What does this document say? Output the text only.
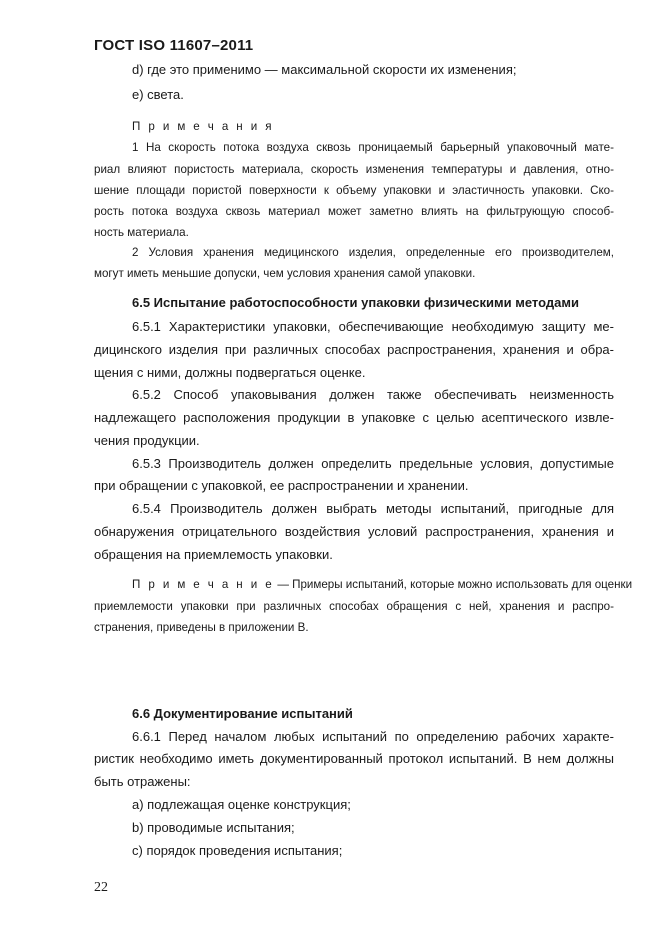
ГОСТ ISO 11607–2011
d) где это применимо — максимальной скорости их изменения;
e) света.
П р и м е ч а н и я
1 На скорость потока воздуха сквозь проницаемый барьерный упаковочный мате-
риал влияют пористость материала, скорость изменения температуры и давления, отно-
шение площади пористой поверхности к объему упаковки и эластичность упаковки. Ско-
рость потока воздуха сквозь материал может заметно влиять на фильтрующую способ-
ность материала.
2 Условия хранения медицинского изделия, определенные его производителем,
могут иметь меньшие допуски, чем условия хранения самой упаковки.
6.5 Испытание работоспособности упаковки физическими методами
6.5.1 Характеристики упаковки, обеспечивающие необходимую защиту ме-
дицинского изделия при различных способах распространения, хранения и обра-
щения с ними, должны подвергаться оценке.
6.5.2 Способ упаковывания должен также обеспечивать неизменность
надлежащего расположения продукции в упаковке с целью асептического извле-
чения продукции.
6.5.3 Производитель должен определить предельные условия, допустимые
при обращении с упаковкой, ее распространении и хранении.
6.5.4 Производитель должен выбрать методы испытаний, пригодные для
обнаружения отрицательного воздействия условий распространения, хранения и
обращения на приемлемость упаковки.
П р и м е ч а н и е — Примеры испытаний, которые можно использовать для оценки
приемлемости упаковки при различных способах обращения с ней, хранения и распро-
странения, приведены в приложении В.
6.6 Документирование испытаний
6.6.1 Перед началом любых испытаний по определению рабочих характе-
ристик необходимо иметь документированный протокол испытаний. В нем должны
быть отражены:
a) подлежащая оценке конструкция;
b) проводимые испытания;
c) порядок проведения испытания;
22
